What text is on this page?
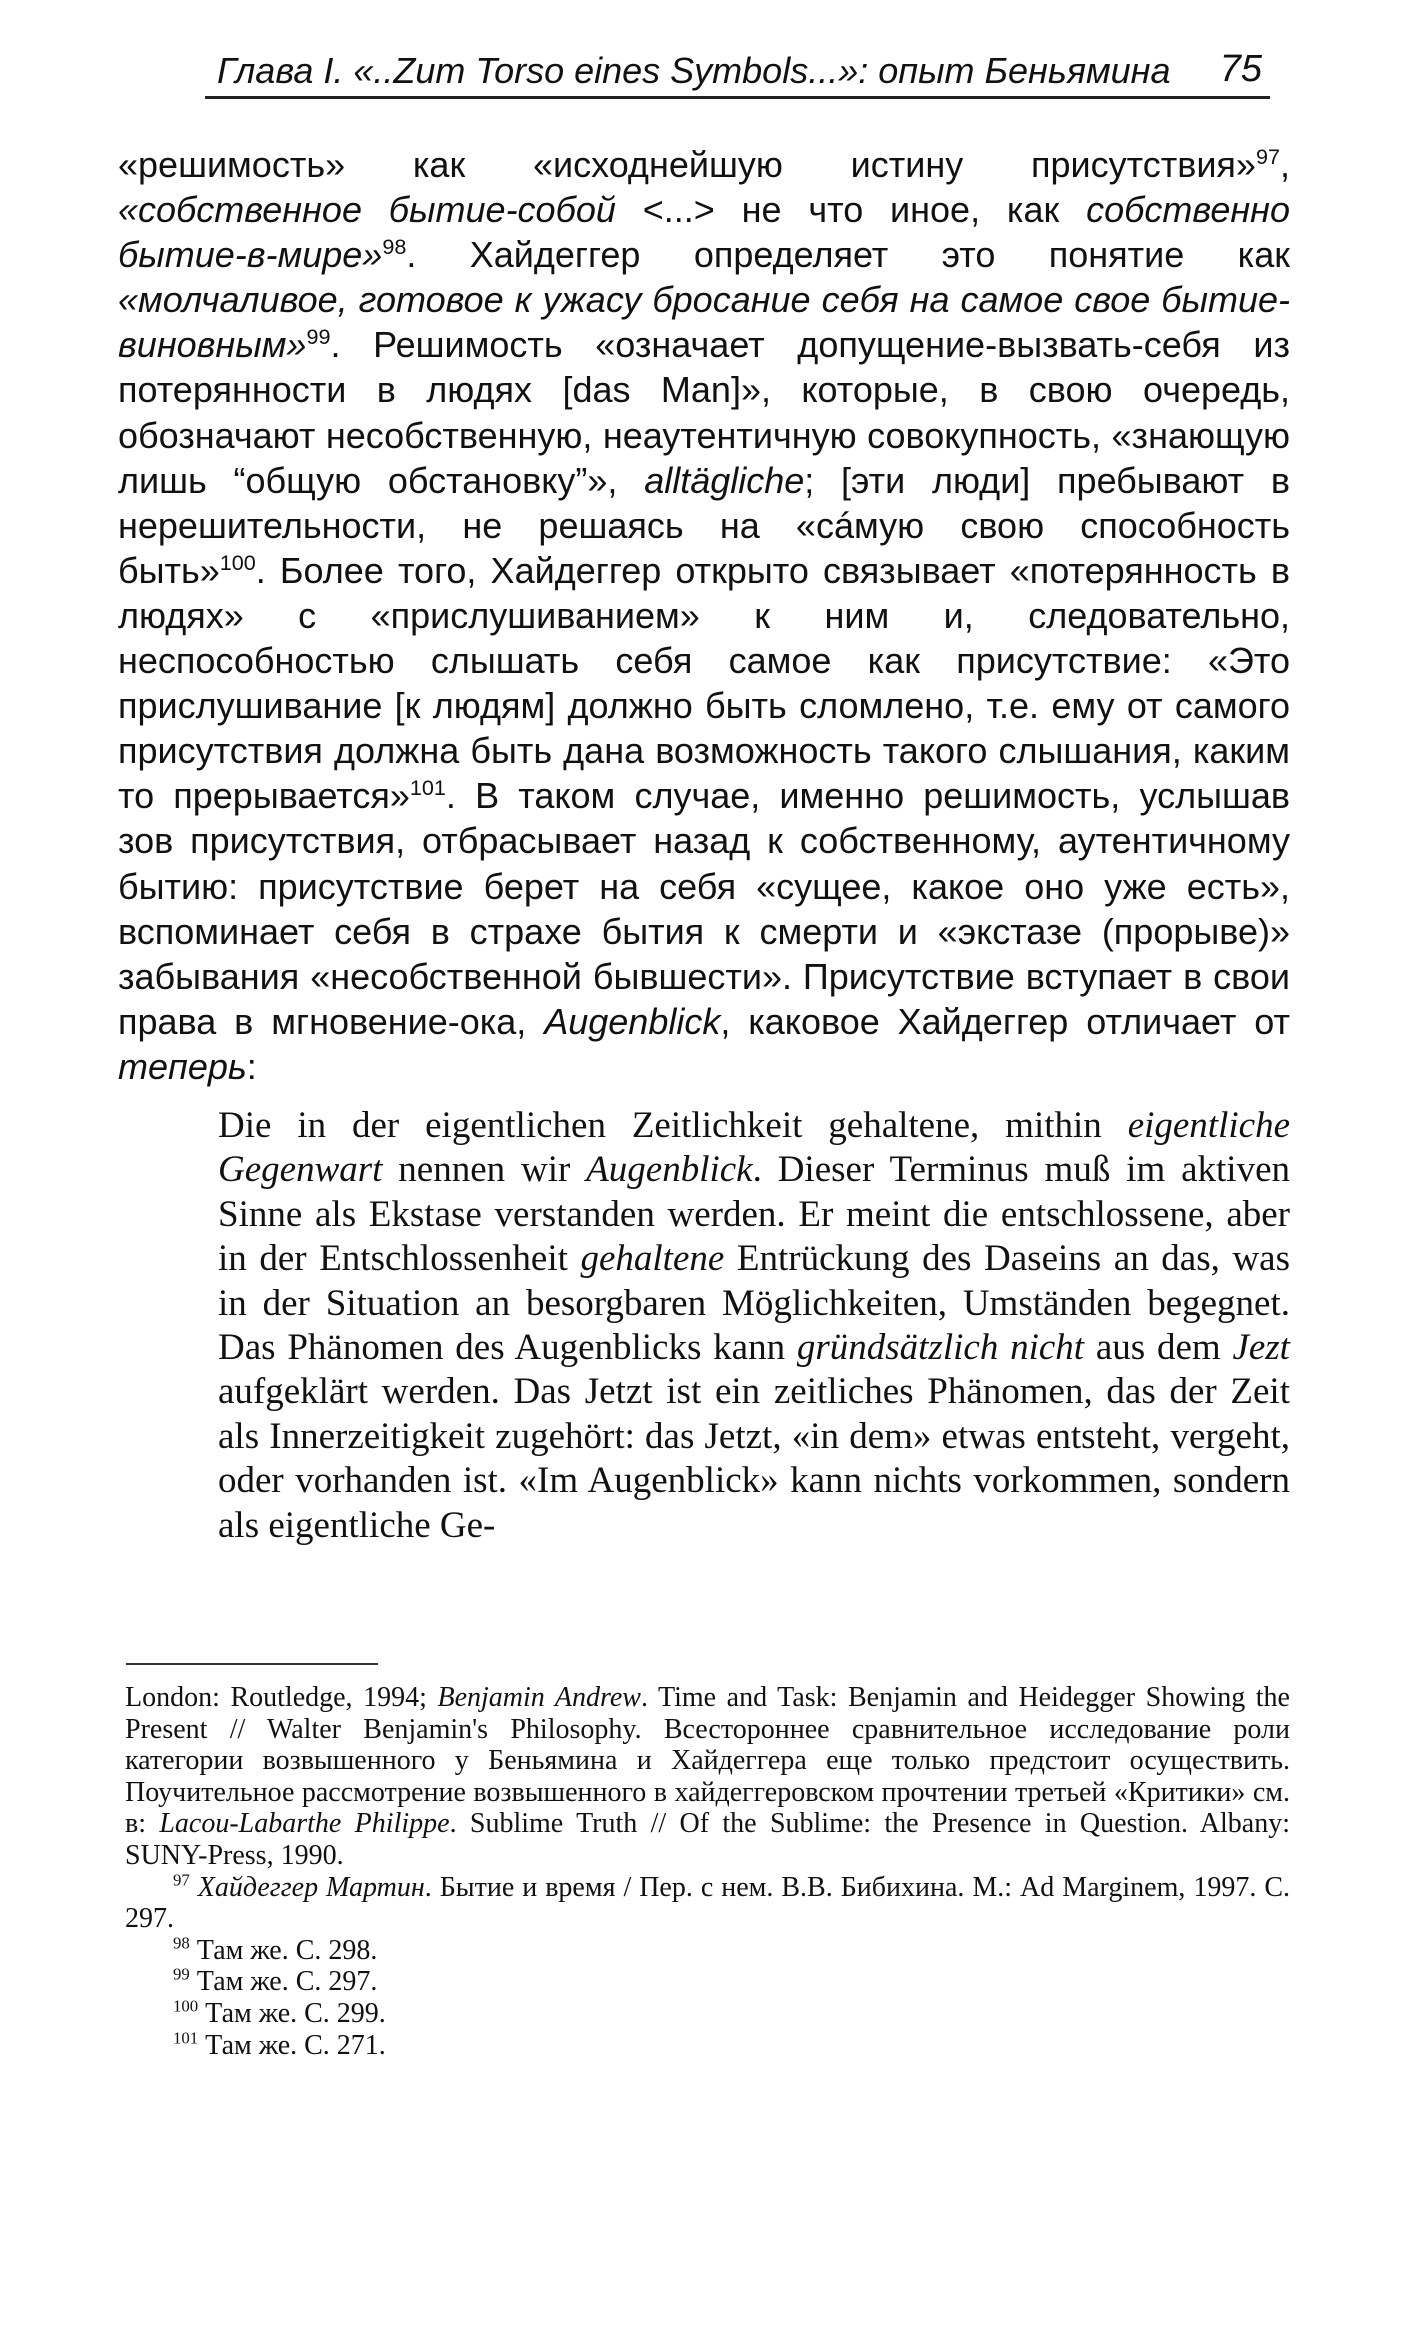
Глава I. «..Zum Torso eines Symbols...»: опыт Беньямина 75

«решимость» как «исходнейшую истину присутствия»$^{97}$, «собственное бытие-собой <...> не что иное, как собственно бытие-в-мире»$^{98}$. Хайдеггер определяет это понятие как «молчаливое, готовое к ужасу бросание себя на самое свое бытие-виновным»$^{99}$. Решимость «означает допущение-вызвать-себя из потерянности в людях [das Man]», которые, в свою очередь, обозначают несобственную, неаутентичную совокупность, «знающую лишь “общую обстановку”», alltägliche; [эти люди] пребывают в нерешительности, не решаясь на «сáмую свою способность быть»$^{100}$. Более того, Хайдеггер открыто связывает «потерянность в людях» с «прислушиванием» к ним и, следовательно, неспособностью слышать себя самое как присутствие: «Это прислушивание [к людям] должно быть сломлено, т.е. ему от самого присутствия должна быть дана возможность такого слышания, каким то прерывается»$^{101}$. В таком случае, именно решимость, услышав зов присутствия, отбрасывает назад к собственному, аутентичному бытию: присутствие берет на себя «сущее, какое оно уже есть», вспоминает себя в страхе бытия к смерти и «экстазе (прорыве)» забывания «несобственной бывшести». Присутствие вступает в свои права в мгновение-ока, Augenblick, каковое Хайдеггер отличает от теперь:

Die in der eigentlichen Zeitlichkeit gehaltene, mithin eigentliche Gegenwart nennen wir Augenblick. Dieser Terminus muß im aktiven Sinne als Ekstase verstanden werden. Er meint die entschlossene, aber in der Entschlossenheit gehaltene Entrückung des Daseins an das, was in der Situation an besorgbaren Möglichkeiten, Umständen begegnet. Das Phänomen des Augenblicks kann gründsätzlich nicht aus dem Jezt aufgeklärt werden. Das Jetzt ist ein zeitliches Phänomen, das der Zeit als Innerzeitigkeit zugehört: das Jetzt, «in dem» etwas entsteht, vergeht, oder vorhanden ist. «Im Augenblick» kann nichts vorkommen, sondern als eigentliche Ge-

London: Routledge, 1994; Benjamin Andrew. Time and Task: Benjamin and Heidegger Showing the Present // Walter Benjamin's Philosophy. Всестороннее сравнительное исследование роли категории возвышенного у Беньямина и Хайдеггера еще только предстоит осуществить. Поучительное рассмотрение возвышенного в хайдеггеровском прочтении третьей «Критики» см. в: Lacou-Labarthe Philippe. Sublime Truth // Of the Sublime: the Presence in Question. Albany: SUNY-Press, 1990.

$^{97}$ Хайдеггер Мартин. Бытие и время / Пер. с нем. В.В. Бибихина. М.: Ad Marginem, 1997. С. 297.

$^{98}$ Там же. С. 298.

$^{99}$ Там же. С. 297.

$^{100}$ Там же. С. 299.

$^{101}$ Там же. С. 271.
